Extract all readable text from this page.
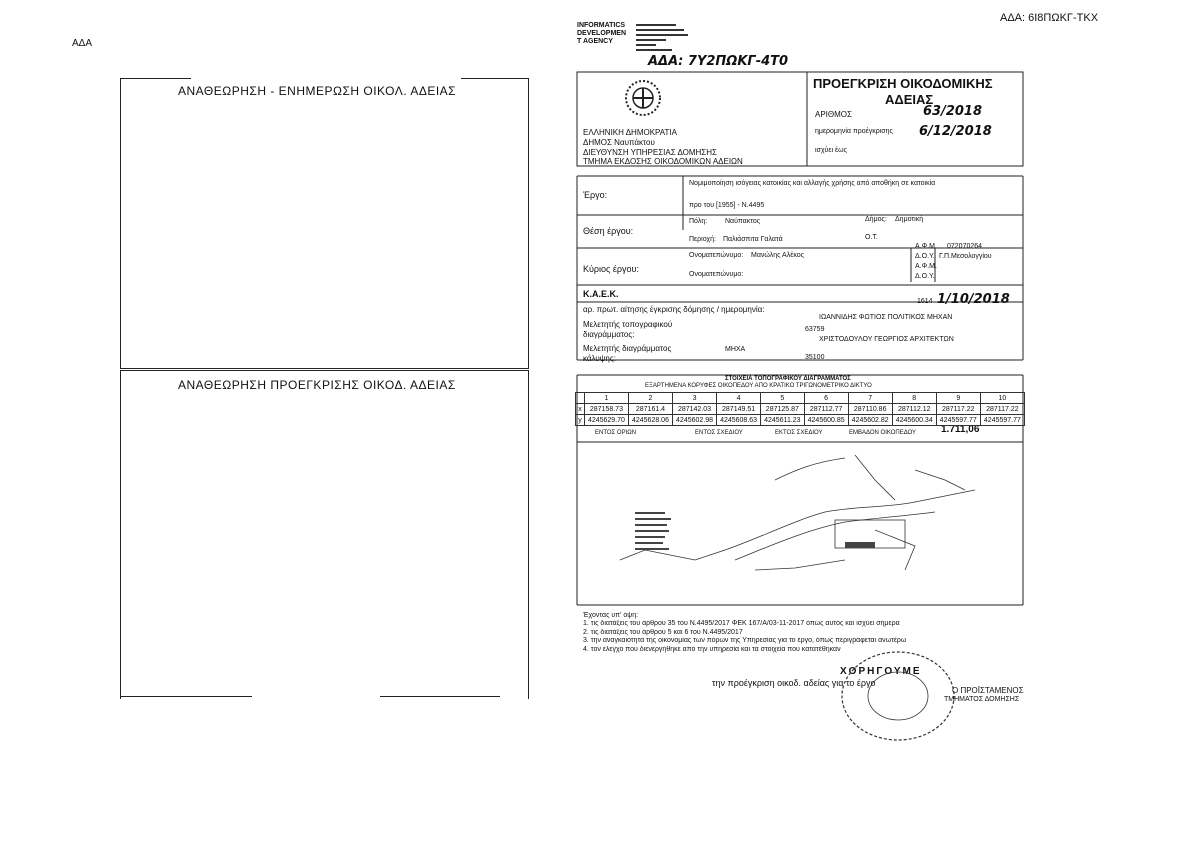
ΑΔΑ
ΑΔΑ: 6Ι8ΠΩΚΓ-ΤΚΧ
ΑΝΑΘΕΩΡΗΣΗ - ΕΝΗΜΕΡΩΣΗ ΟΙΚΟΛ. ΑΔΕΙΑΣ
ΑΝΑΘΕΩΡΗΣΗ ΠΡΟΕΓΚΡΙΣΗΣ ΟΙΚΟΔ. ΑΔΕΙΑΣ
INFORMATICS
DEVELOPMEN
T AGENCY
ΑΔΑ: 7Υ2ΠΩΚΓ-4Τ0
ΕΛΛΗΝΙΚΗ ΔΗΜΟΚΡΑΤΙΑ
ΔΗΜΟΣ Ναυπάκτου
ΔΙΕΥΘΥΝΣΗ ΥΠΗΡΕΣΙΑΣ ΔΟΜΗΣΗΣ
ΤΜΗΜΑ ΕΚΔΟΣΗΣ ΟΙΚΟΔΟΜΙΚΩΝ ΑΔΕΙΩΝ
ΠΡΟΕΓΚΡΙΣΗ ΟΙΚΟΔΟΜΙΚΗΣ
ΑΔΕΙΑΣ
ΑΡΙΘΜΟΣ	63/2018
ημερομηνία προέγκρισης 6/12/2018
ισχύει έως
Έργο:
Νομιμοποίηση ισόγειας κατοικίας και αλλαγής χρήσης από αποθήκη σε κατοικία
προ του [1955] - Ν.4495
Θέση έργου:
Πόλη:	Ναύπακτος	Δήμος: Δημοτική
Περιοχή: Παλιάσπιτα Γαλατά	Ο.Τ.
Κύριος έργου:
Ονοματεπώνυμο: Μανώλης Αλέκος
Α.Φ.Μ. 072070264
Δ.Ο.Υ. Γ.Π.Μεσολογγίου
Α.Φ.Μ.
Δ.Ο.Υ.
Ονοματεπώνυμο:
Κ.Α.Ε.Κ.
αρ. πρωτ. αίτησης έγκρισης δόμησης / ημερομηνία:
1614 1/10/2018
Μελετητής τοπογραφικού διαγράμματος:
ΙΩΑΝΝΙΔΗΣ ΦΩΤΙΟΣ ΠΟΛΙΤΙΚΟΣ ΜΗΧΑΝ
63759
Μελετητής διαγράμματος κάλυψης:
ΧΡΙΣΤΟΔΟΥΛΟΥ ΓΕΩΡΓΙΟΣ ΑΡΧΙΤΕΚΤΩΝ
ΜΗΧΑ
35100
ΣΤΟΙΧΕΙΑ ΤΟΠΟΓΡΑΦΙΚΟΥ ΔΙΑΓΡΑΜΜΑΤΟΣ
ΕΞΑΡΤΗΜΕΝΑ ΚΟΡΥΦΕΣ ΟΙΚΟΠΕΔΟΥ ΑΠΟ ΚΡΑΤΙΚΟ ΤΡΙΓΩΝΟΜΕΤΡΙΚΟ ΔΙΚΤΥΟ
ΕΝΤΟΣ ΟΡΙΩΝ	ΕΝΤΟΣ ΣΧΕΔΙΟΥ	ΕΚΤΟΣ ΣΧΕΔΙΟΥ	ΕΜΒΑΔΟΝ ΟΙΚΟΠΕΔΟΥ 1.711,06
	1	2	3	4	5	6	7	8	9	10
x	287158.73	287161.4	287142.03	287149.51	287125.87	287112.77	287110.86	287112.12	287117.22	287117.22
y	4245629.70	4245628.06	4245602.98	4245608.63	4245611.23	4245600.85	4245602.82	4245600.34	4245597.77	4245597.77
Έχοντας υπ' όψη:
1. τις διατάξεις του άρθρου 35 του Ν.4495/2017 ΦΕΚ 167/Α/03-11-2017 όπως αυτός και ισχύει σήμερα
2. τις διατάξεις του άρθρου 5 και 6 του Ν.4495/2017
3. την αναγκαιότητα της οικονομίας των πόρων της Υπηρεσίας για το έργο, όπως περιγράφεται ανωτέρω
4. τον έλεγχο που διενεργήθηκε από την υπηρεσία και τα στοιχεία που κατατέθηκαν
ΧΟΡΗΓΟΥΜΕ
την προέγκριση οικοδ. αδείας για το έργο
Ο ΠΡΟΪΣΤΑΜΕΝΟΣ
ΤΜΗΜΑΤΟΣ ΔΟΜΗΣΗΣ
